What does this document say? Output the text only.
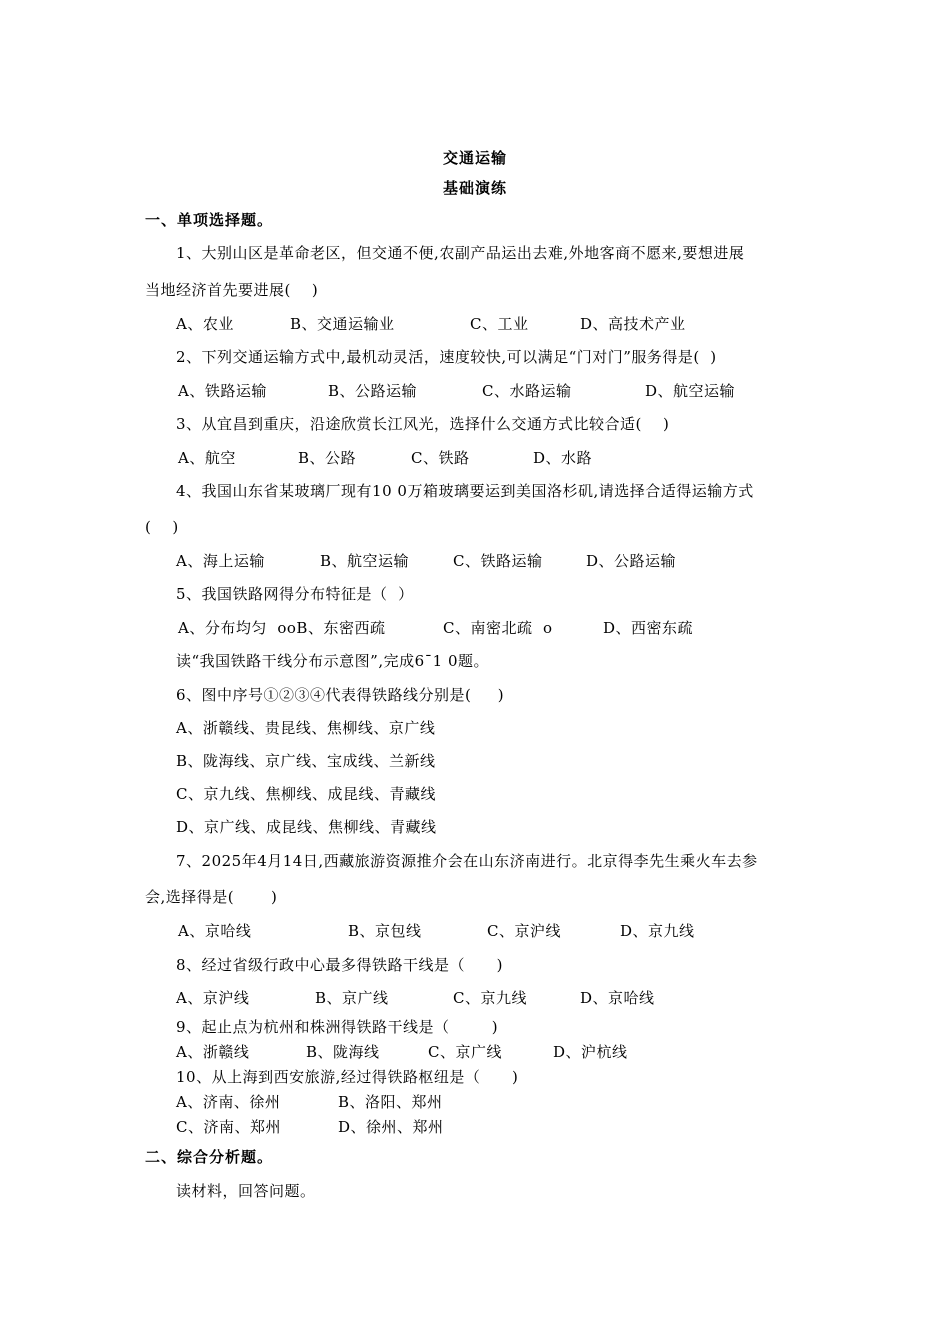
交通运输
基础演练
一、单项选择题。
1、大别山区是革命老区，但交通不便,农副产品运出去难,外地客商不愿来,要想进展
当地经济首先要进展(    )
A、农业	B、交通运输业	C、工业	D、高技术产业
2、下列交通运输方式中,最机动灵活，速度较快,可以满足“门对门”服务得是(  )
A、铁路运输	B、公路运输	C、水路运输	D、航空运输
3、从宜昌到重庆，沿途欣赏长江风光，选择什么交通方式比较合适(    )
A、航空	B、公路	C、铁路	D、水路
4、我国山东省某玻璃厂现有10 0万箱玻璃要运到美国洛杉矶,请选择合适得运输方式
(    )
A、海上运输	B、航空运输	C、铁路运输	D、公路运输
5、我国铁路网得分布特征是（  ）
A、分布均匀  ooB、东密西疏	C、南密北疏  o	D、西密东疏
读“我国铁路干线分布示意图”,完成6¯1 0题。
6、图中序号①②③④代表得铁路线分别是(     )
A、浙赣线、贵昆线、焦柳线、京广线
B、陇海线、京广线、宝成线、兰新线
C、京九线、焦柳线、成昆线、青藏线
D、京广线、成昆线、焦柳线、青藏线
7、2025年4月14日,西藏旅游资源推介会在山东济南进行。北京得李先生乘火车去参
会,选择得是(       )
A、京哈线	B、京包线	C、京沪线	D、京九线
8、经过省级行政中心最多得铁路干线是（      )
A、京沪线	B、京广线	C、京九线	D、京哈线
9、起止点为杭州和株洲得铁路干线是（        )
A、浙赣线	B、陇海线	C、京广线	D、沪杭线
10、从上海到西安旅游,经过得铁路枢纽是（      )
A、济南、徐州	B、洛阳、郑州
C、济南、郑州	D、徐州、郑州
二、综合分析题。
读材料，回答问题。
